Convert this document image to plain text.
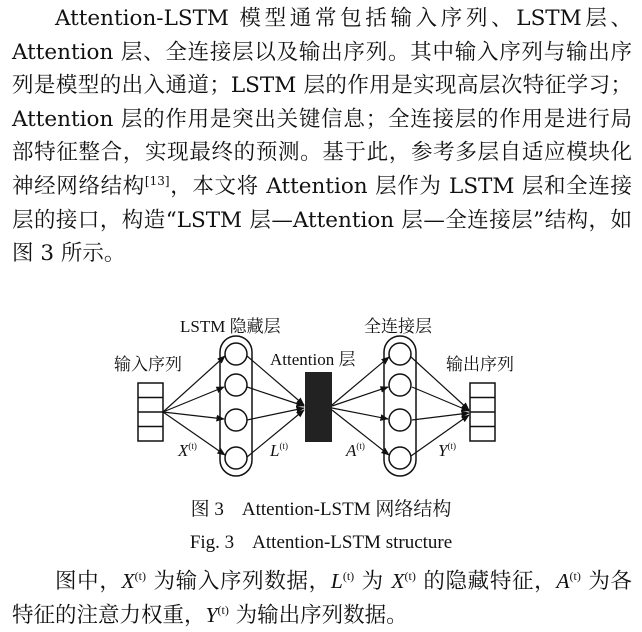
Attention-LSTM 模型通常包括输入序列、LSTM层、Attention 层、全连接层以及输出序列。其中输入序列与输出序列是模型的出入通道；LSTM 层的作用是实现高层次特征学习；Attention 层的作用是突出关键信息；全连接层的作用是进行局部特征整合，实现最终的预测。基于此，参考多层自适应模块化神经网络结构[13]，本文将 Attention 层作为 LSTM 层和全连接层的接口，构造“LSTM 层—Attention 层—全连接层”结构，如图 3 所示。

LSTM 隐藏层	全连接层
Attention 层
输入序列	输出序列
$X^{(t)}$	$L^{(t)}$	$A^{(t)}$	$Y^{(t)}$

图 3 Attention-LSTM 网络结构

Fig. 3 Attention-LSTM structure

图中，$X^{(t)}$ 为输入序列数据，$L^{(t)}$ 为 $X^{(t)}$ 的隐藏特征，$A^{(t)}$ 为各特征的注意力权重，$Y^{(t)}$ 为输出序列数据。
